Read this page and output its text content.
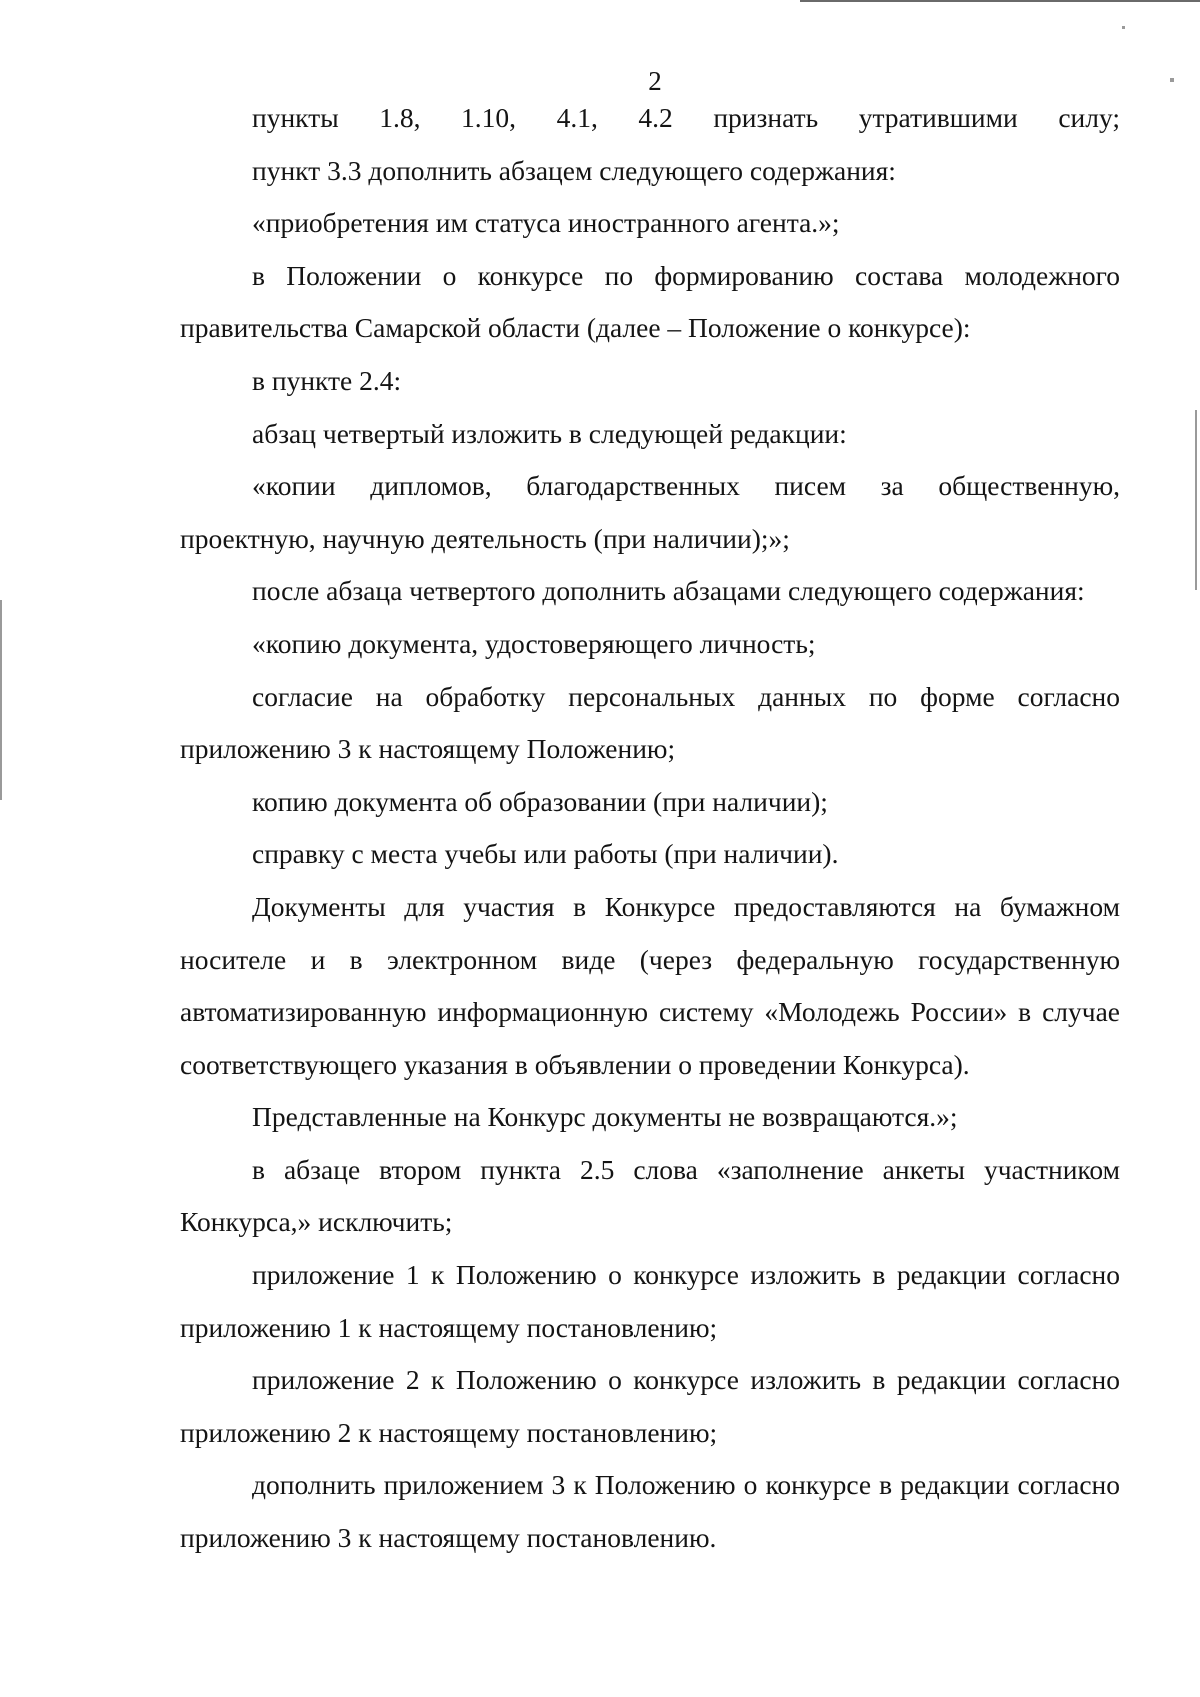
2

пункты 1.8, 1.10, 4.1, 4.2 признать утратившими силу;

пункт 3.3 дополнить абзацем следующего содержания:

«приобретения им статуса иностранного агента.»;

в Положении о конкурсе по формированию состава молодежного правительства Самарской области (далее – Положение о конкурсе):

в пункте 2.4:

абзац четвертый изложить в следующей редакции:

«копии дипломов, благодарственных писем за общественную, проектную, научную деятельность (при наличии);»;

после абзаца четвертого дополнить абзацами следующего содержания:

«копию документа, удостоверяющего личность;

согласие на обработку персональных данных по форме согласно приложению 3 к настоящему Положению;

копию документа об образовании (при наличии);

справку с места учебы или работы (при наличии).

Документы для участия в Конкурсе предоставляются на бумажном носителе и в электронном виде (через федеральную государственную автоматизированную информационную систему «Молодежь России» в случае соответствующего указания в объявлении о проведении Конкурса).

Представленные на Конкурс документы не возвращаются.»;

в абзаце втором пункта 2.5 слова «заполнение анкеты участником Конкурса,» исключить;

приложение 1 к Положению о конкурсе изложить в редакции согласно приложению 1 к настоящему постановлению;

приложение 2 к Положению о конкурсе изложить в редакции согласно приложению 2 к настоящему постановлению;

дополнить приложением 3 к Положению о конкурсе в редакции согласно приложению 3 к настоящему постановлению.
